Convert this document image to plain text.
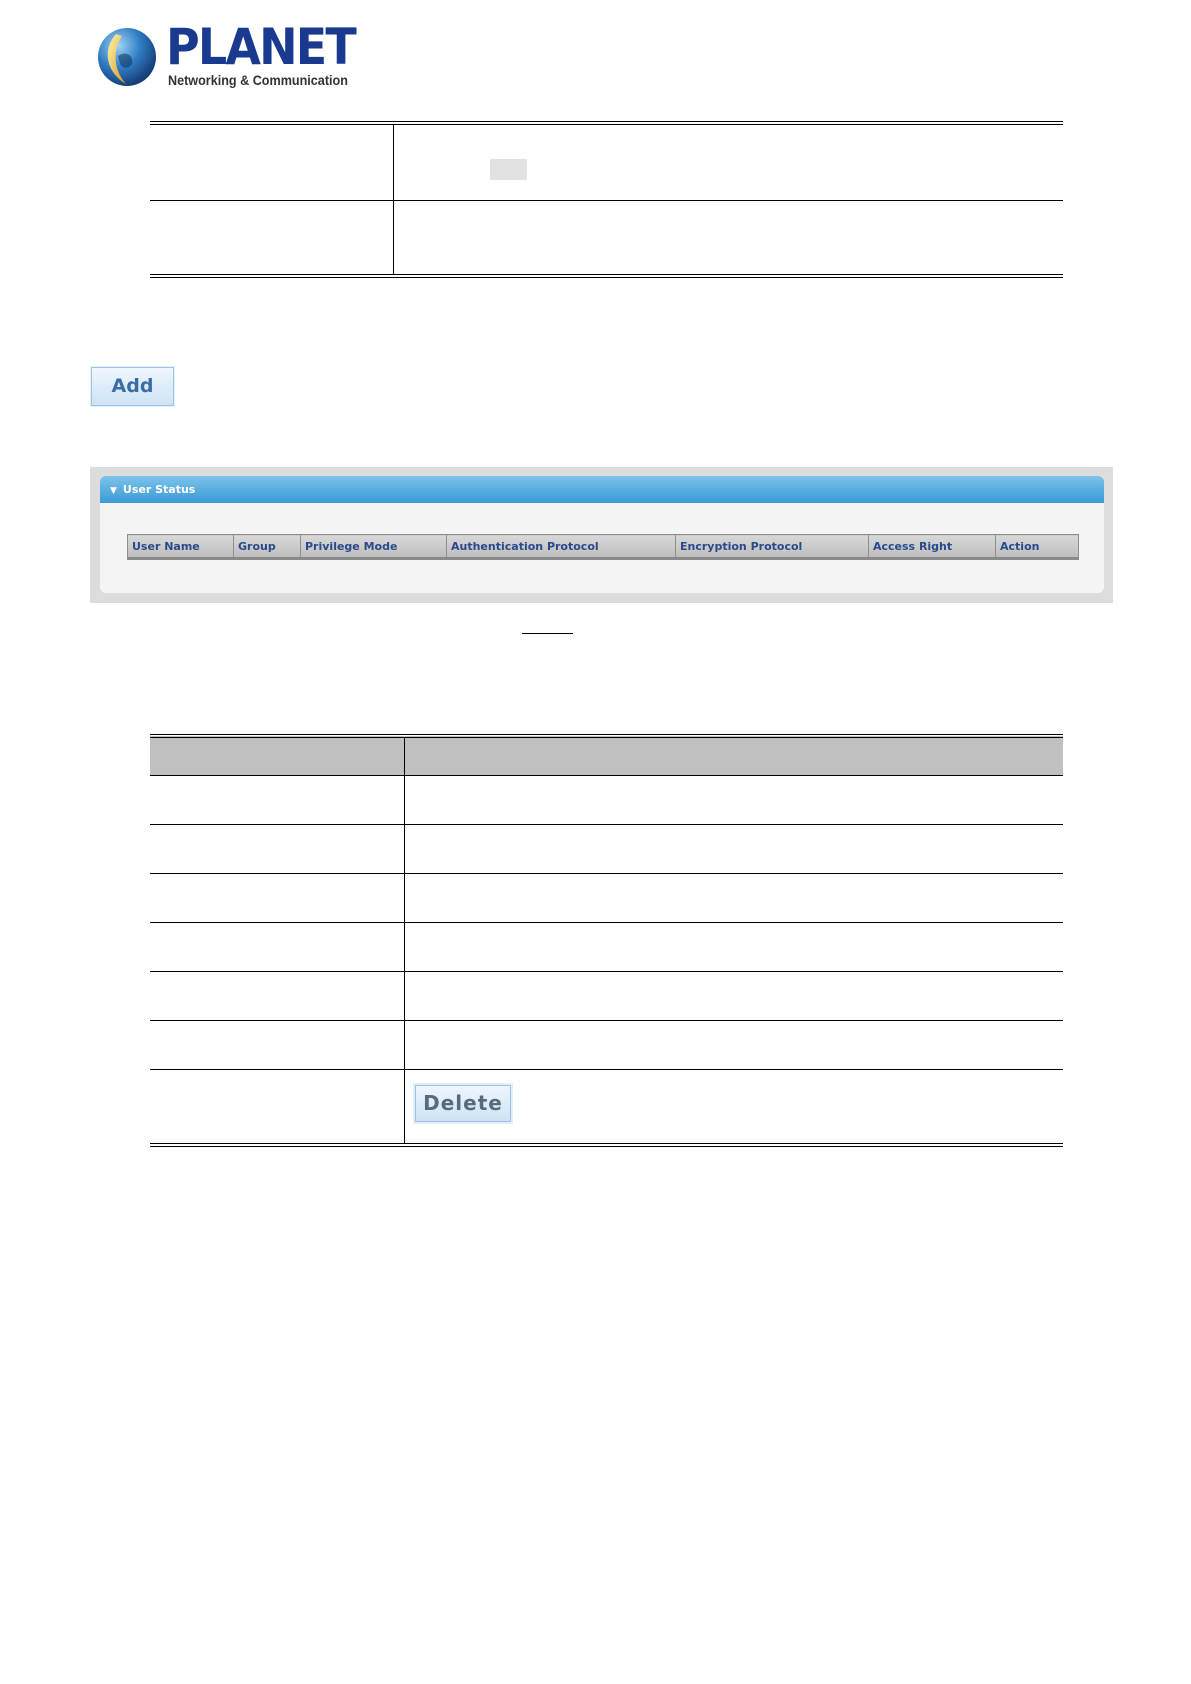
PLANET
Networking & Communication

Add
▼ User Status
User Name	Group	Privilege Mode	Authentication Protocol	Encryption Protocol	Access Right	Action

	Delete
